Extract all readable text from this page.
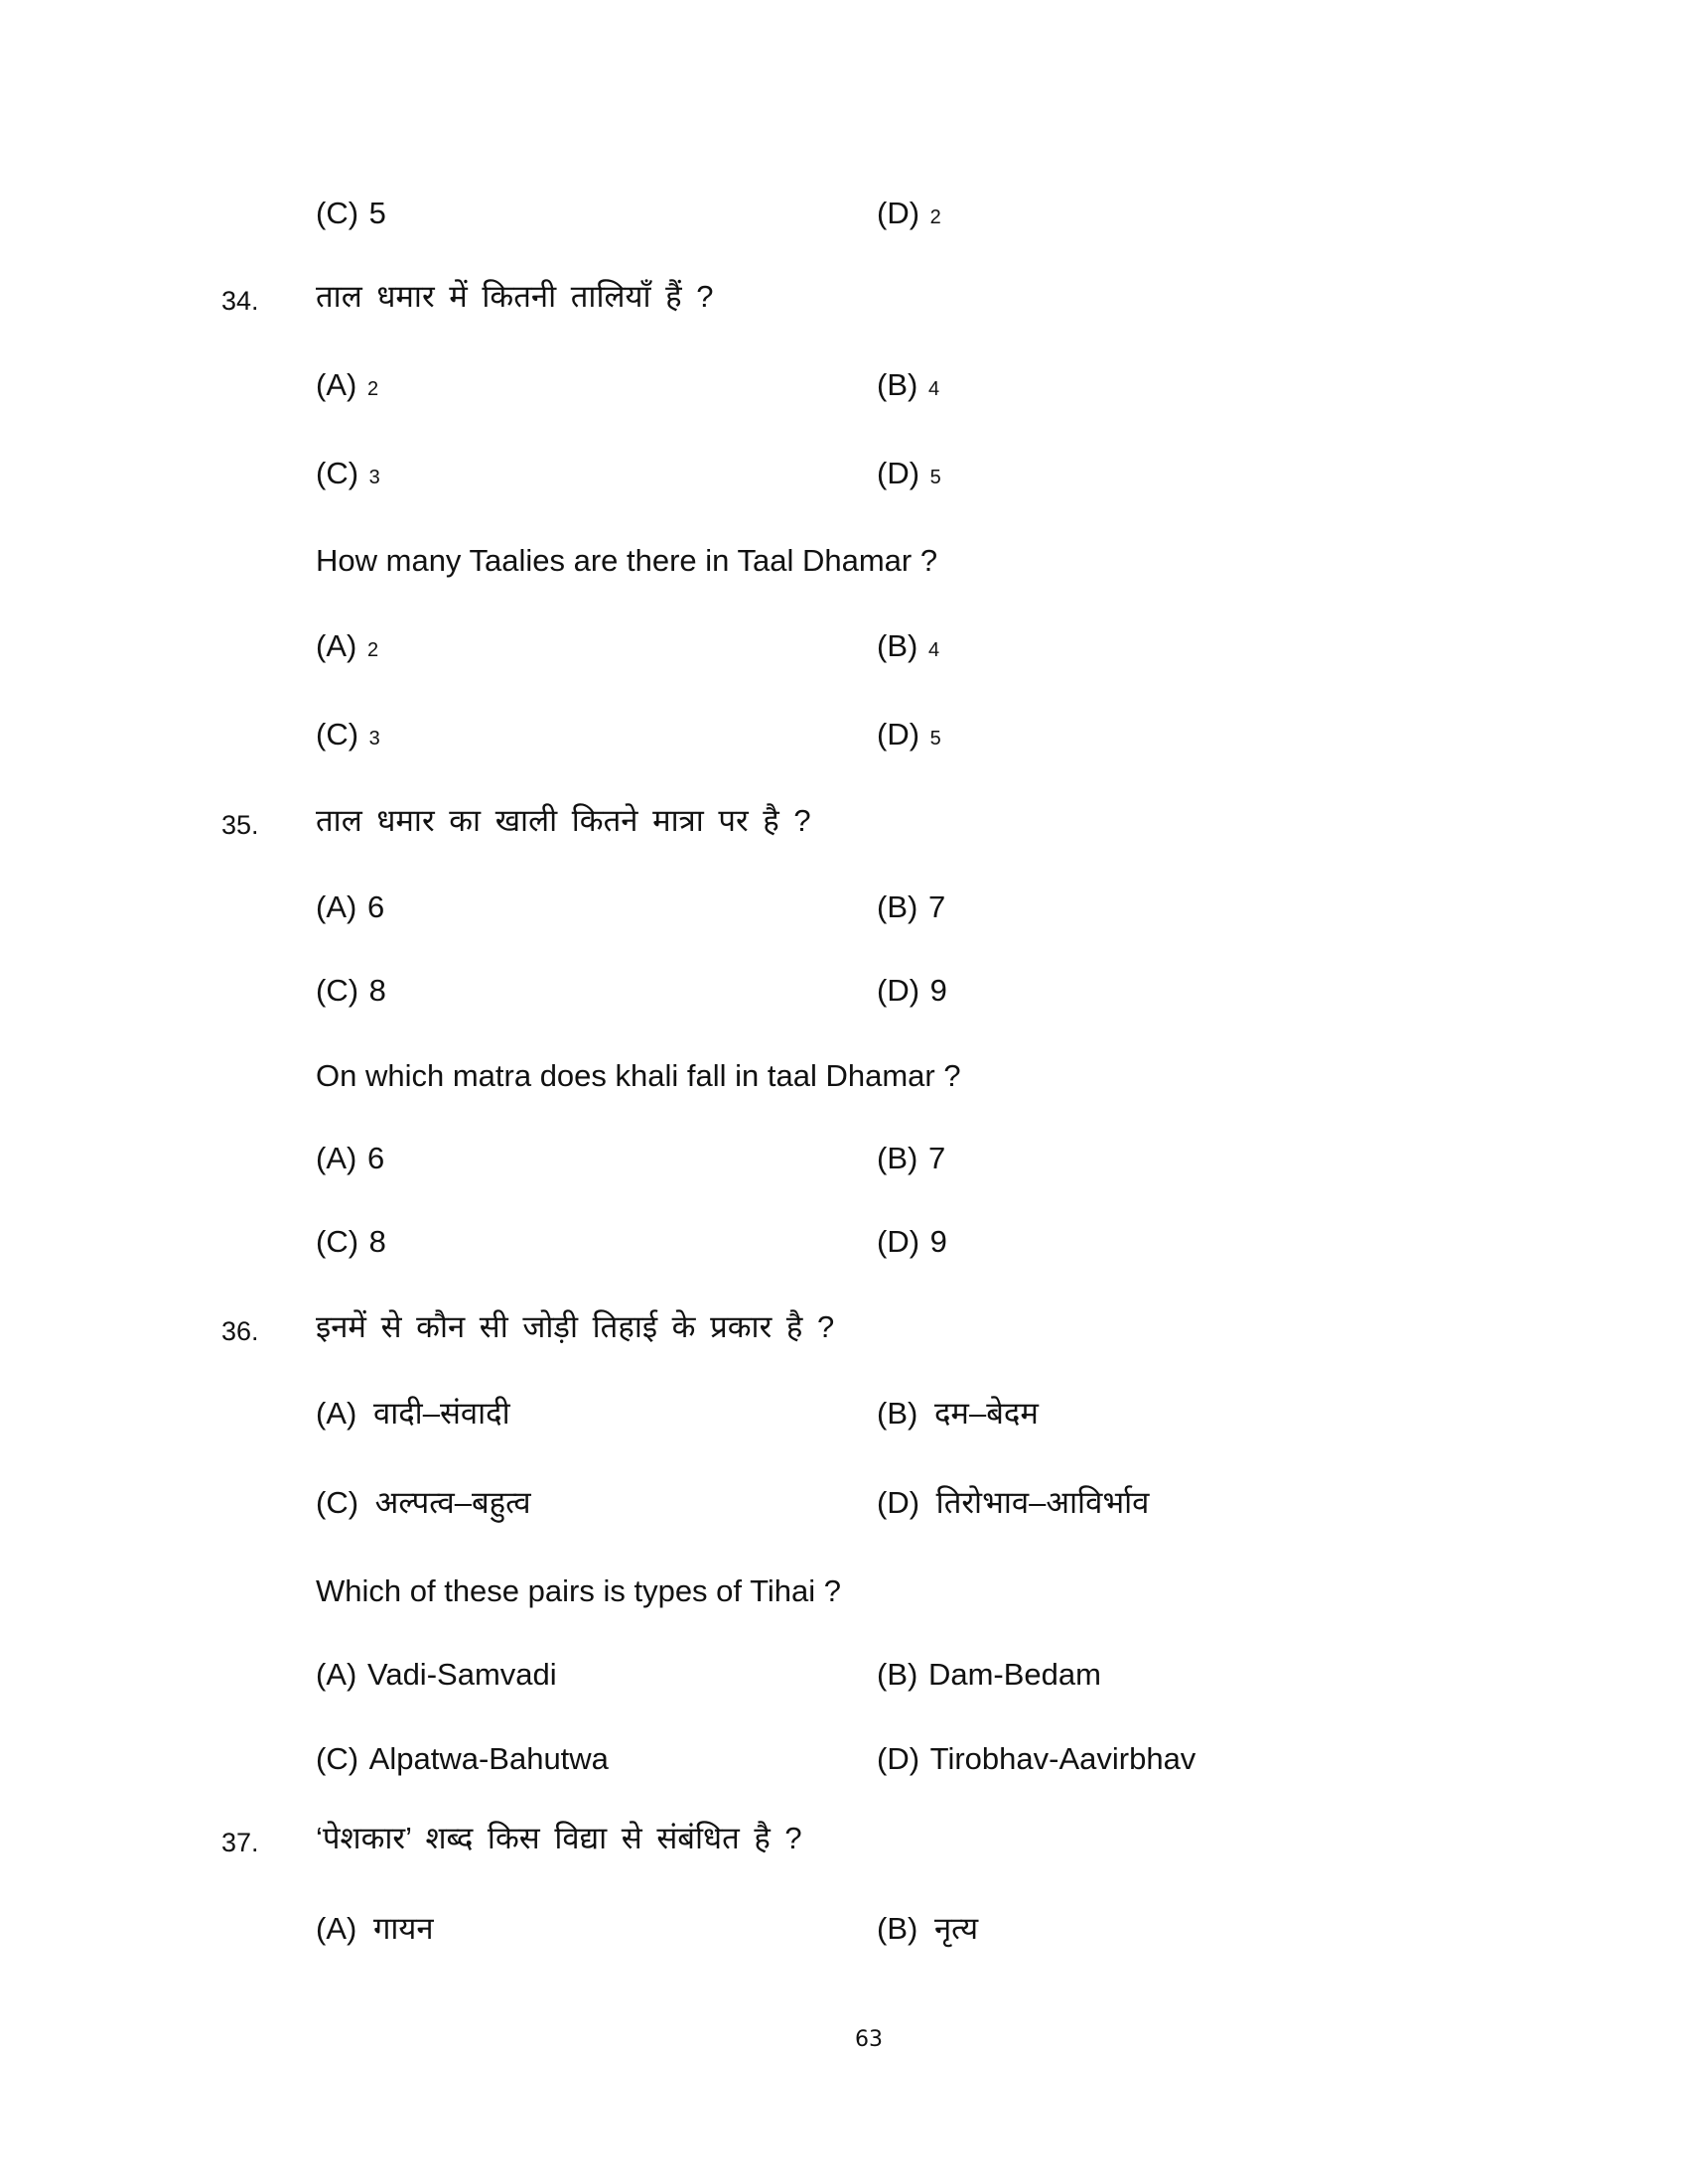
(C) 5	(D) 2
34. ताल धमार में कितनी तालियाँ हैं ?
(A) 2	(B) 4
(C) 3	(D) 5
How many Taalies are there in Taal Dhamar ?
(A) 2	(B) 4
(C) 3	(D) 5
35. ताल धमार का खाली कितने मात्रा पर है ?
(A) 6	(B) 7
(C) 8	(D) 9
On which matra does khali fall in taal Dhamar ?
(A) 6	(B) 7
(C) 8	(D) 9
36. इनमें से कौन सी जोड़ी तिहाई के प्रकार है ?
(A) वादी–संवादी	(B) दम–बेदम
(C) अल्पत्व–बहुत्व	(D) तिरोभाव–आविर्भाव
Which of these pairs is types of Tihai ?
(A) Vadi-Samvadi	(B) Dam-Bedam
(C) Alpatwa-Bahutwa	(D) Tirobhav-Aavirbhav
37. ‘पेशकार’ शब्द किस विद्या से संबंधित है ?
(A) गायन	(B) नृत्य
63
